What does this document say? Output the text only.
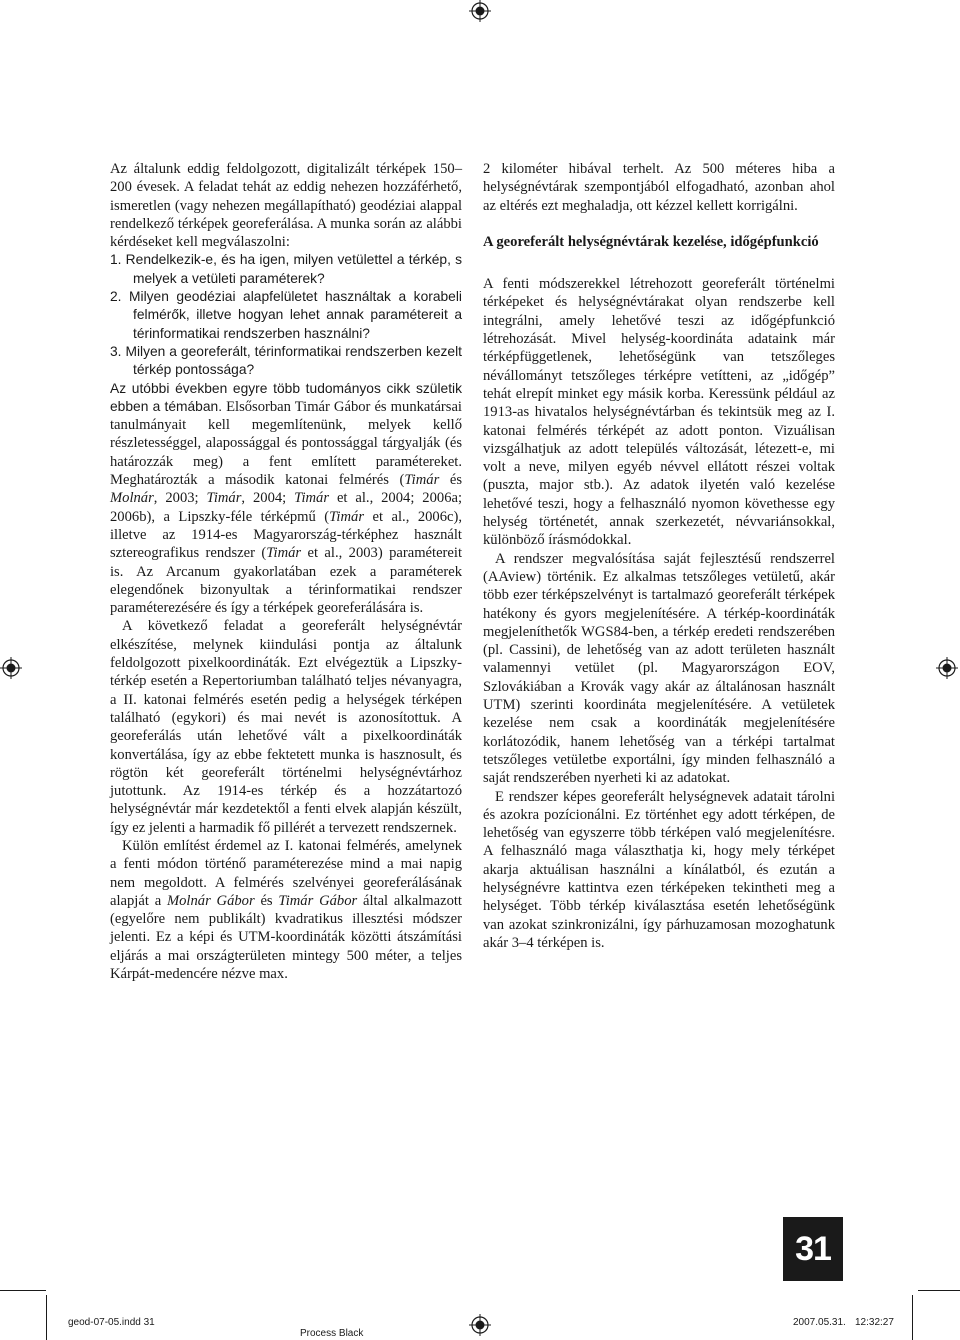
Az általunk eddig feldolgozott, digitalizált térképek 150–200 évesek. A feladat tehát az eddig nehezen hozzáférhető, ismeretlen (vagy nehezen megállapítható) geodéziai alappal rendelkező térképek georeferálása. A munka során az alábbi kérdéseket kell megválaszolni:

1. Rendelkezik-e, és ha igen, milyen vetülettel a térkép, s melyek a vetületi paraméterek?

2. Milyen geodéziai alapfelületet használtak a korabeli felmérők, illetve hogyan lehet annak paramétereit a térinformatikai rendszerben használni?

3. Milyen a georeferált, térinformatikai rendszerben kezelt térkép pontossága?

Az utóbbi években egyre több tudományos cikk születik ebben a témában. Elsősorban Timár Gábor és munkatársai tanulmányait kell megemlítenünk, melyek kellő részletességgel, alapossággal és pontossággal tárgyalják (és határozzák meg) a fent említett paramétereket. Meghatározták a második katonai felmérés (Timár és Molnár, 2003; Timár, 2004; Timár et al., 2004; 2006a; 2006b), a Lipszky-féle térképmű (Timár et al., 2006c), illetve az 1914-es Magyarország-térképhez használt sztereografikus rendszer (Timár et al., 2003) paramétereit is. Az Arcanum gyakorlatában ezek a paraméterek elegendőnek bizonyultak a térinformatikai rendszer paraméterezésére és így a térképek georeferálására is.

A következő feladat a georeferált helységnévtár elkészítése, melynek kiindulási pontja az általunk feldolgozott pixelkoordináták. Ezt elvégeztük a Lipszky-térkép esetén a Repertoriumban található teljes névanyagra, a II. katonai felmérés esetén pedig a helységek térképen található (egykori) és mai nevét is azonosítottuk. A georeferálás után lehetővé vált a pixelkoordináták konvertálása, így az ebbe fektetett munka is hasznosult, és rögtön két georeferált történelmi helységnévtárhoz jutottunk. Az 1914-es térkép és a hozzátartozó helységnévtár már kezdetektől a fenti elvek alapján készült, így ez jelenti a harmadik fő pillérét a tervezett rendszernek.

Külön említést érdemel az I. katonai felmérés, amelynek a fenti módon történő paraméterezése mind a mai napig nem megoldott. A felmérés szelvényei georeferálásának alapját a Molnár Gábor és Timár Gábor által alkalmazott (egyelőre nem publikált) kvadratikus illesztési módszer jelenti. Ez a képi és UTM-koordináták közötti átszámítási eljárás a mai országterületen mintegy 500 méter, a teljes Kárpát-medencére nézve max.

2 kilométer hibával terhelt. Az 500 méteres hiba a helységnévtárak szempontjából elfogadható, azonban ahol az eltérés ezt meghaladja, ott kézzel kellett korrigálni.

A georeferált helységnévtárak kezelése, időgépfunkció

A fenti módszerekkel létrehozott georeferált történelmi térképeket és helységnévtárakat olyan rendszerbe kell integrálni, amely lehetővé teszi az időgépfunkció létrehozását. Mivel helység-koordináta adataink már térképfüggetlenek, lehetőségünk van tetszőleges névállományt tetszőleges térképre vetítteni, az „időgép” tehát elrepít minket egy másik korba. Keressünk például az 1913-as hivatalos helységnévtárban és tekintsük meg az I. katonai felmérés térképét az adott ponton. Vizuálisan vizsgálhatjuk az adott település változását, létezett-e, mi volt a neve, milyen egyéb névvel ellátott részei voltak (puszta, major stb.). Az adatok ilyetén való kezelése lehetővé teszi, hogy a felhasználó nyomon követhesse egy helység történetét, annak szerkezetét, névvariánsokkal, különböző írásmódokkal.

A rendszer megvalósítása saját fejlesztésű rendszerrel (AAview) történik. Ez alkalmas tetszőleges vetületű, akár több ezer térképszelvényt is tartalmazó georeferált térképek hatékony és gyors megjelenítésére. A térkép-koordináták megjeleníthetők WGS84-ben, a térkép eredeti rendszerében (pl. Cassini), de lehetőség van az adott területen használt valamennyi vetület (pl. Magyarországon EOV, Szlovákiában a Krovák vagy akár az általánosan használt UTM) szerinti koordináta megjelenítésére. A vetületek kezelése nem csak a koordináták megjelenítésére korlátozódik, hanem lehetőség van a térképi tartalmat tetszőleges vetületbe exportálni, így minden felhasználó a saját rendszerében nyerheti ki az adatokat.

E rendszer képes georeferált helységnevek adatait tárolni és azokra pozícionálni. Ez történhet egy adott térképen, de lehetőség van egyszerre több térképen való megjelenítésre. A felhasználó maga választhatja ki, hogy mely térképet akarja aktuálisan használni a kínálatból, és ezután a helységnévre kattintva ezen térképeken tekintheti meg a helységet. Több térkép kiválasztása esetén lehetőségünk van azokat szinkronizálni, így párhuzamosan mozoghatunk akár 3–4 térképen is.

31
geod-07-05.indd 31
Process Black
2007.05.31. 12:32:27
